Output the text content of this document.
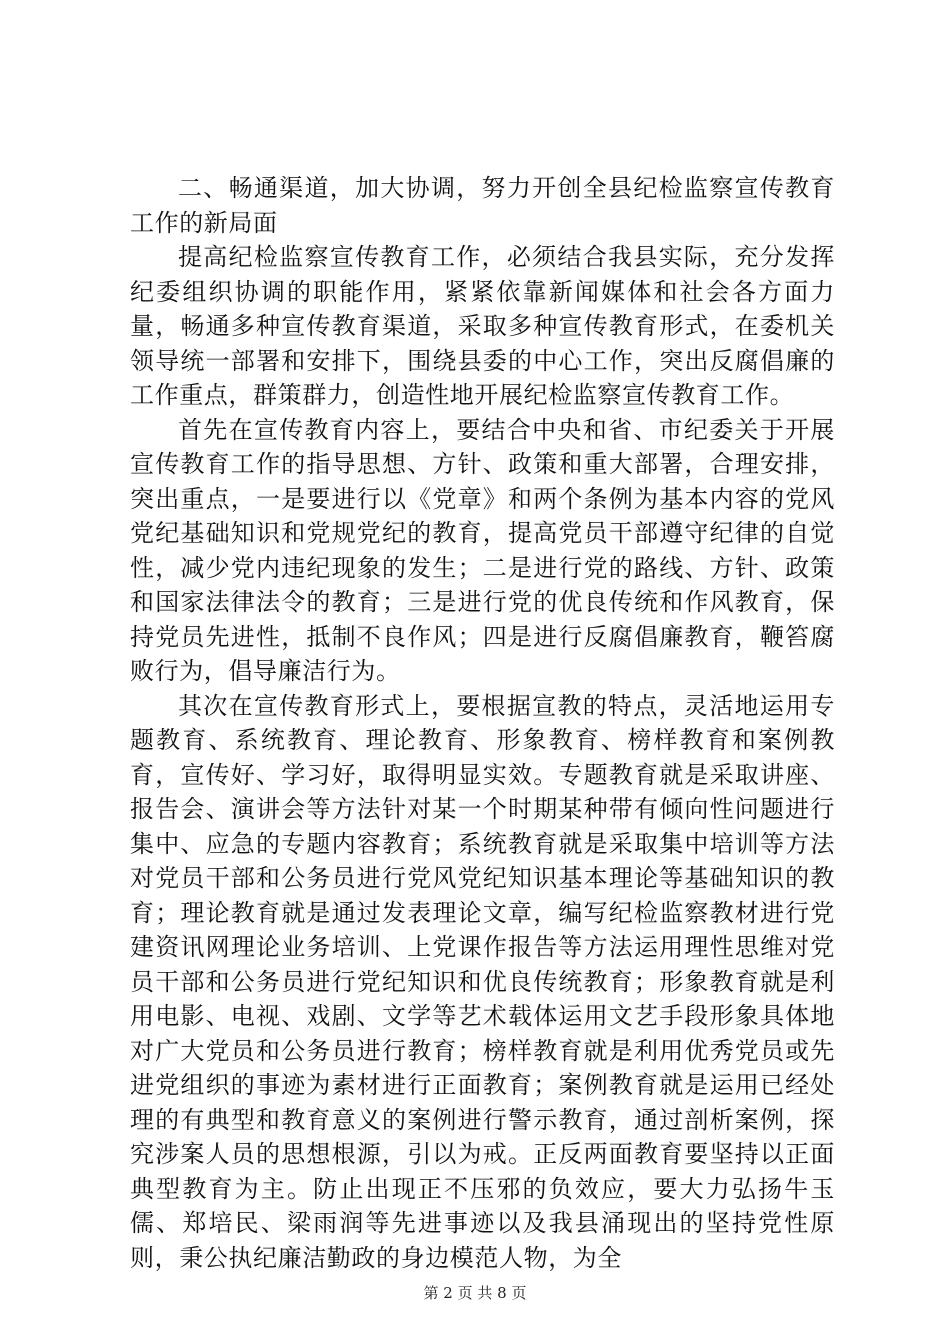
二、畅通渠道，加大协调，努力开创全县纪检监察宣传教育工作的新局面

提高纪检监察宣传教育工作，必须结合我县实际，充分发挥纪委组织协调的职能作用，紧紧依靠新闻媒体和社会各方面力量，畅通多种宣传教育渠道，采取多种宣传教育形式，在委机关领导统一部署和安排下，围绕县委的中心工作，突出反腐倡廉的工作重点，群策群力，创造性地开展纪检监察宣传教育工作。

首先在宣传教育内容上，要结合中央和省、市纪委关于开展宣传教育工作的指导思想、方针、政策和重大部署，合理安排，突出重点，一是要进行以《党章》和两个条例为基本内容的党风党纪基础知识和党规党纪的教育，提高党员干部遵守纪律的自觉性，减少党内违纪现象的发生；二是进行党的路线、方针、政策和国家法律法令的教育；三是进行党的优良传统和作风教育，保持党员先进性，抵制不良作风；四是进行反腐倡廉教育，鞭笞腐败行为，倡导廉洁行为。

其次在宣传教育形式上，要根据宣教的特点，灵活地运用专题教育、系统教育、理论教育、形象教育、榜样教育和案例教育，宣传好、学习好，取得明显实效。专题教育就是采取讲座、报告会、演讲会等方法针对某一个时期某种带有倾向性问题进行集中、应急的专题内容教育；系统教育就是采取集中培训等方法对党员干部和公务员进行党风党纪知识基本理论等基础知识的教育；理论教育就是通过发表理论文章，编写纪检监察教材进行党建资讯网理论业务培训、上党课作报告等方法运用理性思维对党员干部和公务员进行党纪知识和优良传统教育；形象教育就是利用电影、电视、戏剧、文学等艺术载体运用文艺手段形象具体地对广大党员和公务员进行教育；榜样教育就是利用优秀党员或先进党组织的事迹为素材进行正面教育；案例教育就是运用已经处理的有典型和教育意义的案例进行警示教育，通过剖析案例，探究涉案人员的思想根源，引以为戒。正反两面教育要坚持以正面典型教育为主。防止出现正不压邪的负效应，要大力弘扬牛玉儒、郑培民、梁雨润等先进事迹以及我县涌现出的坚持党性原则，秉公执纪廉洁勤政的身边模范人物，为全

第 2 页 共 8 页
